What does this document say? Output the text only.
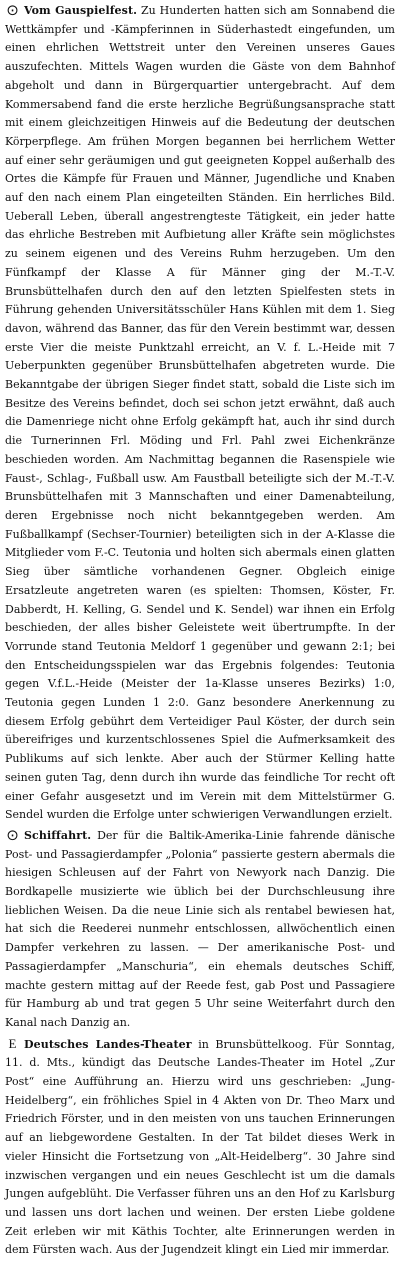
⊙ Vom Gauspielfest. Zu Hunderten hatten sich am Sonnabend die Wettkämpfer und -Kämpferinnen in Süderhastedt eingefunden, um einen ehrlichen Wettstreit unter den Vereinen unseres Gaues auszufechten. Mittels Wagen wurden die Gäste von dem Bahnhof abgeholt und dann in Bürgerquartier untergebracht. Auf dem Kommersabend fand die erste herzliche Begrüßungsansprache statt mit einem gleichzeitigen Hinweis auf die Bedeutung der deutschen Körperpflege. Am frühen Morgen begannen bei herrlichem Wetter auf einer sehr geräumigen und gut geeigneten Koppel außerhalb des Ortes die Kämpfe für Frauen und Männer, Jugendliche und Knaben auf den nach einem Plan eingeteilten Ständen. Ein herrliches Bild. Ueberall Leben, überall angestrengteste Tätigkeit, ein jeder hatte das ehrliche Bestreben mit Aufbietung aller Kräfte sein möglichstes zu seinem eigenen und des Vereins Ruhm herzugeben. Um den Fünfkampf der Klasse A für Männer ging der M.-T.-V. Brunsbüttelhafen durch den auf den letzten Spielfesten stets in Führung gehenden Universitätsschüler Hans Kühlen mit dem 1. Sieg davon, während das Banner, das für den Verein bestimmt war, dessen erste Vier die meiste Punktzahl erreicht, an V. f. L.-Heide mit 7 Ueberpunkten gegenüber Brunsbüttelhafen abgetreten wurde. Die Bekanntgabe der übrigen Sieger findet statt, sobald die Liste sich im Besitze des Vereins befindet, doch sei schon jetzt erwähnt, daß auch die Damenriege nicht ohne Erfolg gekämpft hat, auch ihr sind durch die Turnerinnen Frl. Möding und Frl. Pahl zwei Eichenkränze beschieden worden. Am Nachmittag begannen die Rasenspiele wie Faust-, Schlag-, Fußball usw. Am Faustball beteiligte sich der M.-T.-V. Brunsbüttelhafen mit 3 Mannschaften und einer Damenabteilung, deren Ergebnisse noch nicht bekanntgegeben werden. Am Fußballkampf (Sechser-Tournier) beteiligten sich in der A-Klasse die Mitglieder vom F.-C. Teutonia und holten sich abermals einen glatten Sieg über sämtliche vorhandenen Gegner. Obgleich einige Ersatzleute angetreten waren (es spielten: Thomsen, Köster, Fr. Dabberdt, H. Kelling, G. Sendel und K. Sendel) war ihnen ein Erfolg beschieden, der alles bisher Geleistete weit übertrumpfte. In der Vorrunde stand Teutonia Meldorf 1 gegenüber und gewann 2:1; bei den Entscheidungsspielen war das Ergebnis folgendes: Teutonia gegen V.f.L.-Heide (Meister der 1a-Klasse unseres Bezirks) 1:0, Teutonia gegen Lunden 1 2:0. Ganz besondere Anerkennung zu diesem Erfolg gebührt dem Verteidiger Paul Köster, der durch sein übereifriges und kurzentschlossenes Spiel die Aufmerksamkeit des Publikums auf sich lenkte. Aber auch der Stürmer Kelling hatte seinen guten Tag, denn durch ihn wurde das feindliche Tor recht oft einer Gefahr ausgesetzt und im Verein mit dem Mittelstürmer G. Sendel wurden die Erfolge unter schwierigen Verwandlungen erzielt.

⊙ Schiffahrt. Der für die Baltik-Amerika-Linie fahrende dänische Post- und Passagierdampfer „Polonia“ passierte gestern abermals die hiesigen Schleusen auf der Fahrt von Newyork nach Danzig. Die Bordkapelle musizierte wie üblich bei der Durchschleusung ihre lieblichen Weisen. Da die neue Linie sich als rentabel bewiesen hat, hat sich die Reederei nunmehr entschlossen, allwöchentlich einen Dampfer verkehren zu lassen. — Der amerikanische Post- und Passagierdampfer „Manschuria“, ein ehemals deutsches Schiff, machte gestern mittag auf der Reede fest, gab Post und Passagiere für Hamburg ab und trat gegen 5 Uhr seine Weiterfahrt durch den Kanal nach Danzig an.

E Deutsches Landes-Theater in Brunsbüttelkoog. Für Sonntag, 11. d. Mts., kündigt das Deutsche Landes-Theater im Hotel „Zur Post“ eine Aufführung an. Hierzu wird uns geschrieben: „Jung-Heidelberg“, ein fröhliches Spiel in 4 Akten von Dr. Theo Marx und Friedrich Förster, und in den meisten von uns tauchen Erinnerungen auf an liebgewordene Gestalten. In der Tat bildet dieses Werk in vieler Hinsicht die Fortsetzung von „Alt-Heidelberg“. 30 Jahre sind inzwischen vergangen und ein neues Geschlecht ist um die damals Jungen aufgeblüht. Die Verfasser führen uns an den Hof zu Karlsburg und lassen uns dort lachen und weinen. Der ersten Liebe goldene Zeit erleben wir mit Käthis Tochter, alte Erinnerungen werden in dem Fürsten wach. Aus der Jugendzeit klingt ein Lied mir immerdar.
